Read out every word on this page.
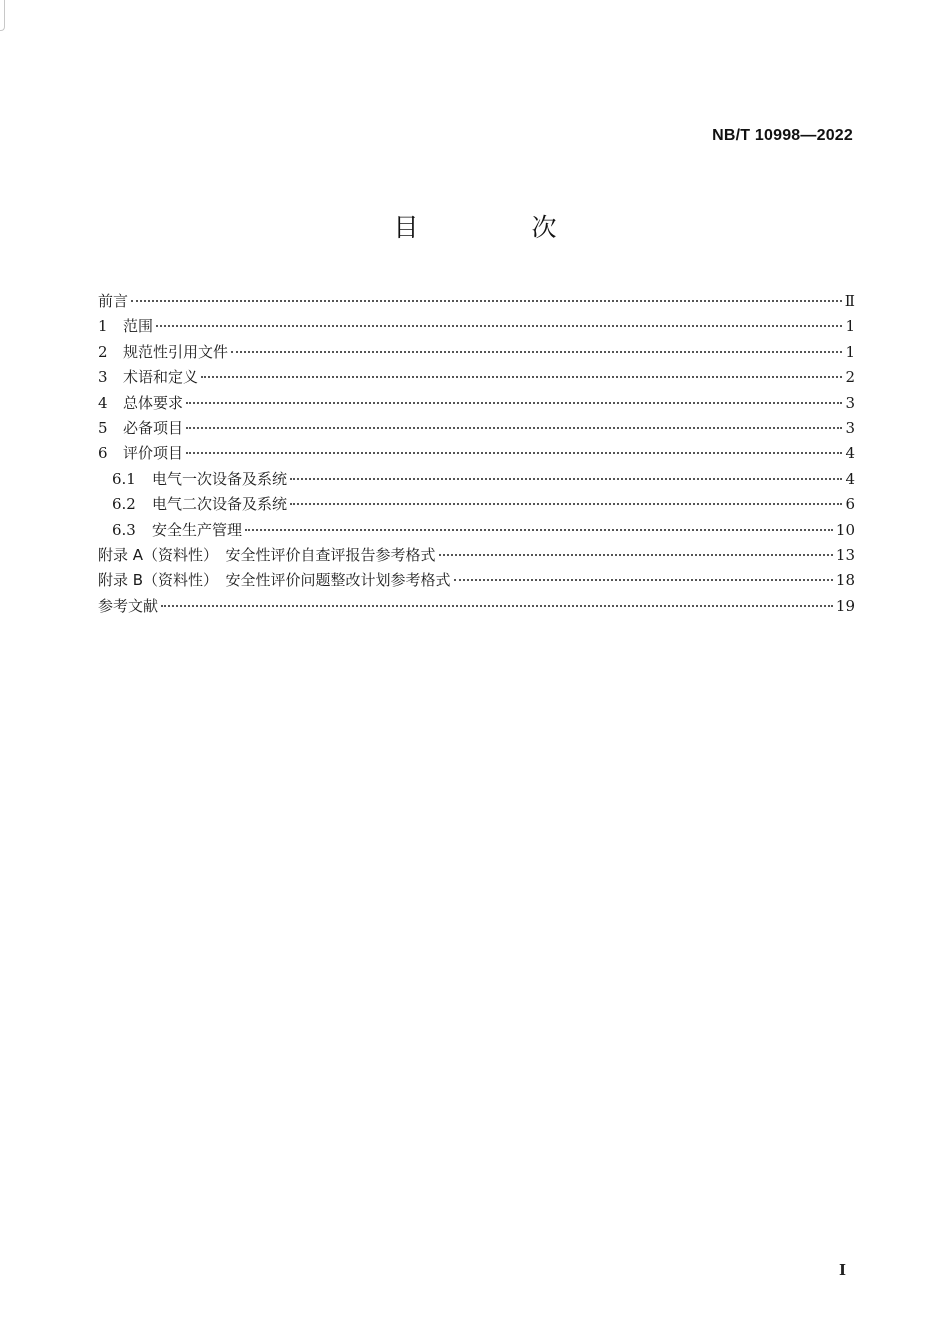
NB/T 10998—2022
目　次
前言	Ⅱ
1	范围	1
2	规范性引用文件	1
3	术语和定义	2
4	总体要求	3
5	必备项目	3
6	评价项目	4
6.1	电气一次设备及系统	4
6.2	电气二次设备及系统	6
6.3	安全生产管理	10
附录 A（资料性）　安全性评价自查评报告参考格式	13
附录 B（资料性）　安全性评价问题整改计划参考格式	18
参考文献	19
I
